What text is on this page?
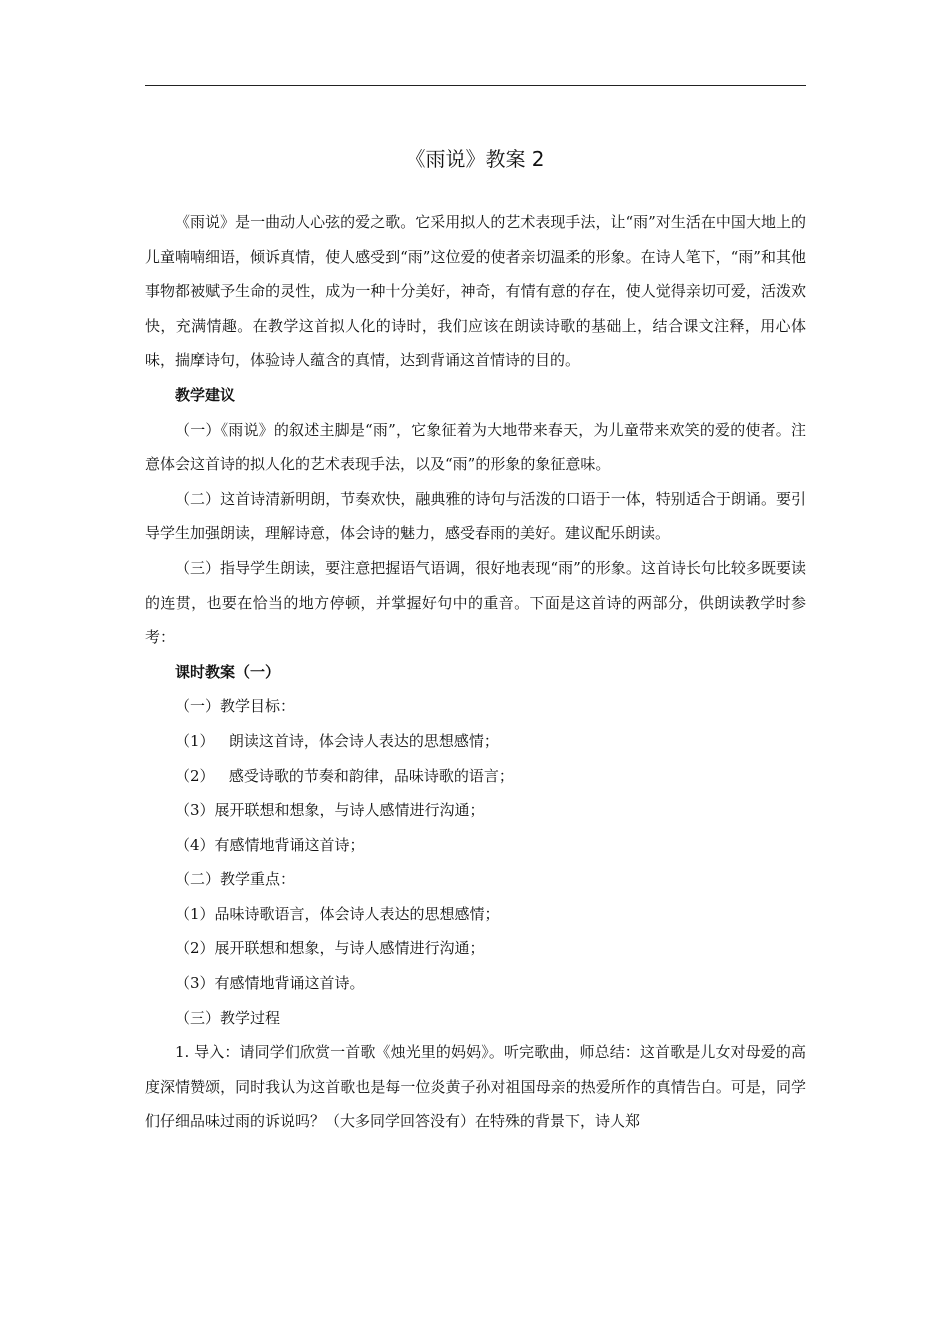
《雨说》教案 2

《雨说》是一曲动人心弦的爱之歌。它采用拟人的艺术表现手法，让“雨”对生活在中国大地上的儿童喃喃细语，倾诉真情，使人感受到“雨”这位爱的使者亲切温柔的形象。在诗人笔下，“雨”和其他事物都被赋予生命的灵性，成为一种十分美好，神奇，有情有意的存在，使人觉得亲切可爱，活泼欢快，充满情趣。在教学这首拟人化的诗时，我们应该在朗读诗歌的基础上，结合课文注释，用心体味，揣摩诗句，体验诗人蕴含的真情，达到背诵这首情诗的目的。

教学建议

（一）《雨说》的叙述主脚是“雨”，它象征着为大地带来春天，为儿童带来欢笑的爱的使者。注意体会这首诗的拟人化的艺术表现手法，以及“雨”的形象的象征意味。

（二）这首诗清新明朗，节奏欢快，融典雅的诗句与活泼的口语于一体，特别适合于朗诵。要引导学生加强朗读，理解诗意，体会诗的魅力，感受春雨的美好。建议配乐朗读。

（三）指导学生朗读，要注意把握语气语调，很好地表现“雨”的形象。这首诗长句比较多既要读的连贯，也要在恰当的地方停顿，并掌握好句中的重音。下面是这首诗的两部分，供朗读教学时参考：

课时教案（一）

（一）教学目标：

（1）   朗读这首诗，体会诗人表达的思想感情；

（2）   感受诗歌的节奏和韵律，品味诗歌的语言；

（3）展开联想和想象，与诗人感情进行沟通；

（4）有感情地背诵这首诗；

（二）教学重点：

（1）品味诗歌语言，体会诗人表达的思想感情；

（2）展开联想和想象，与诗人感情进行沟通；

（3）有感情地背诵这首诗。

（三）教学过程

1. 导入：请同学们欣赏一首歌《烛光里的妈妈》。听完歌曲，师总结：这首歌是儿女对母爱的高度深情赞颂，同时我认为这首歌也是每一位炎黄子孙对祖国母亲的热爱所作的真情告白。可是，同学们仔细品味过雨的诉说吗？（大多同学回答没有）在特殊的背景下，诗人郑
